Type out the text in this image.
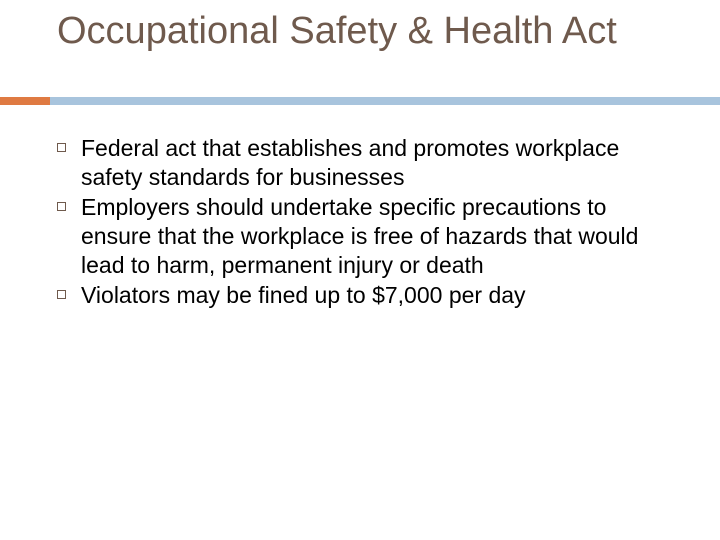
Occupational Safety & Health Act
Federal act that establishes and promotes workplace safety standards for businesses
Employers should undertake specific precautions to ensure that the workplace is free of hazards that would lead to harm, permanent injury or death
Violators may be fined up to $7,000 per day
